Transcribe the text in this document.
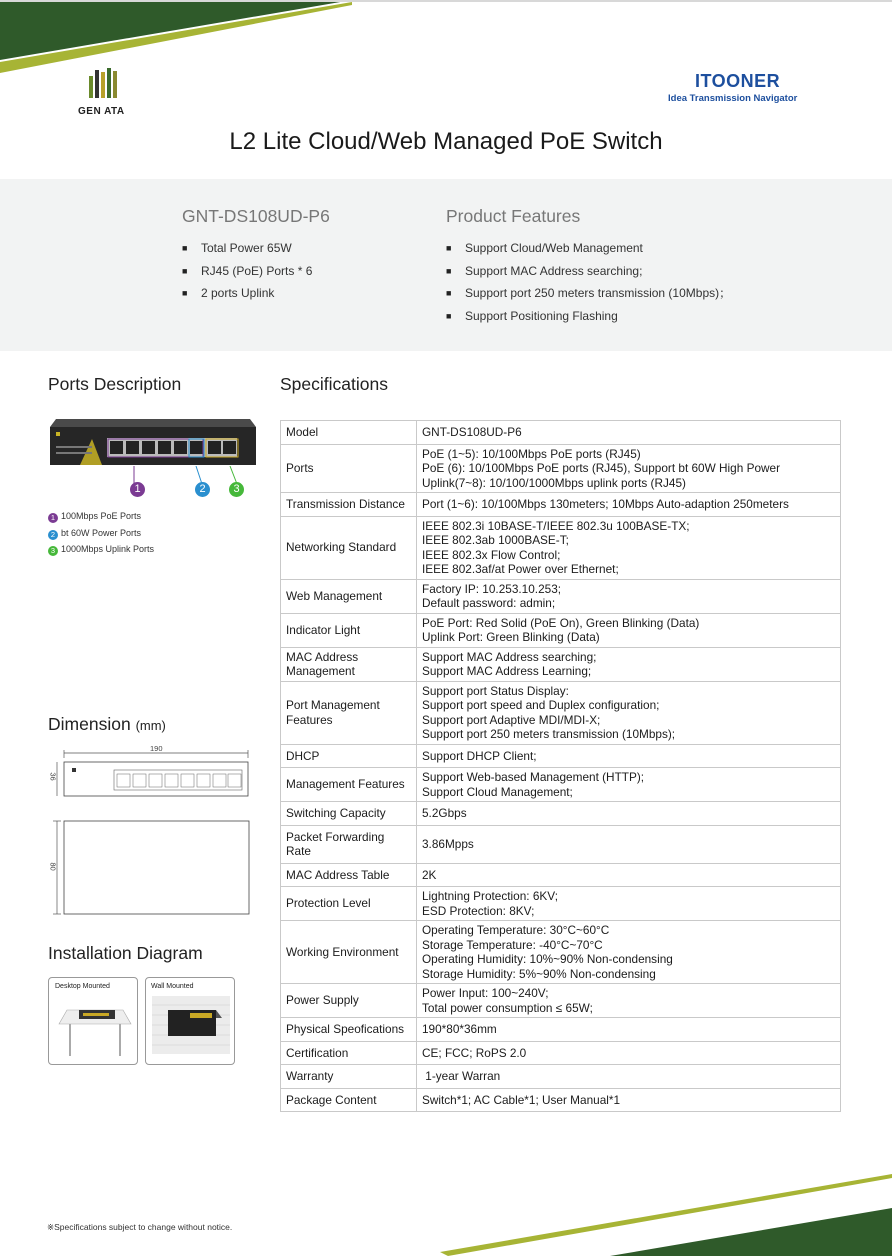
GEN ATA
ITOONER
Idea Transmission Navigator
L2 Lite Cloud/Web Managed PoE Switch
GNT-DS108UD-P6
■ Total Power 65W
■ RJ45 (PoE) Ports * 6
■ 2 ports Uplink
Product Features
■ Support Cloud/Web Management
■ Support MAC Address searching;
■ Support port 250 meters transmission (10Mbps)；
■ Support Positioning Flashing
Ports Description
1	2	3
1 100Mbps PoE Ports
2 bt 60W Power Ports
3 1000Mbps Uplink Ports
Dimension (mm)
190
36
80
Installation Diagram
Desktop Mounted	Wall Mounted
Specifications
Model	GNT-DS108UD-P6

Ports	PoE (1~5): 10/100Mbps PoE ports (RJ45)
PoE (6): 10/100Mbps PoE ports (RJ45), Support bt 60W High Power
Uplink(7~8): 10/100/1000Mbps uplink ports (RJ45)

Transmission Distance	Port (1~6): 10/100Mbps 130meters; 10Mbps Auto-adaption 250meters

Networking Standard	IEEE 802.3i 10BASE-T/IEEE 802.3u 100BASE-TX;
IEEE 802.3ab 1000BASE-T;
IEEE 802.3x Flow Control;
IEEE 802.3af/at Power over Ethernet;

Web Management	Factory IP: 10.253.10.253;
Default password: admin;

Indicator Light	PoE Port: Red Solid (PoE On), Green Blinking (Data)
Uplink Port: Green Blinking (Data)

MAC Address Management	Support MAC Address searching;
Support MAC Address Learning;

Port Management Features	Support port Status Display:
Support port speed and Duplex configuration;
Support port Adaptive MDI/MDI-X;
Support port 250 meters transmission (10Mbps);

DHCP	Support DHCP Client;

Management Features	Support Web-based Management (HTTP);
Support Cloud Management;

Switching Capacity	5.2Gbps

Packet Forwarding Rate	3.86Mpps

MAC Address Table	2K

Protection Level	Lightning Protection: 6KV;
ESD Protection: 8KV;

Working Environment	Operating Temperature: 30°C~60°C
Storage Temperature: -40°C~70°C
Operating Humidity: 10%~90% Non-condensing
Storage Humidity: 5%~90% Non-condensing

Power Supply	Power Input: 100~240V;
Total power consumption ≤ 65W;

Physical Speofications	190*80*36mm

Certification	CE; FCC; RoPS 2.0

Warranty	1-year Warran

Package Content	Switch*1; AC Cable*1; User Manual*1
※Specifications subject to change without notice.
